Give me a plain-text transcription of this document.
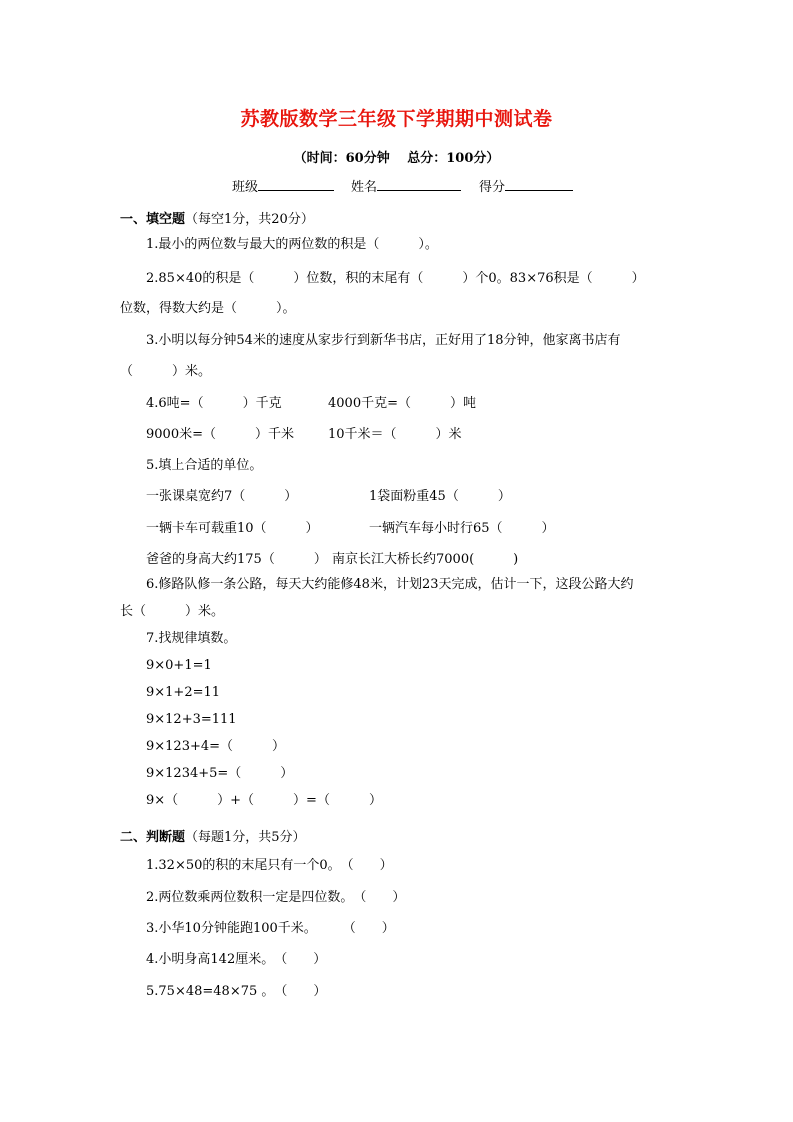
苏教版数学三年级下学期期中测试卷
（时间：60分钟　 总分：100分）
班级	姓名	得分
一、填空题（每空1分，共20分）
1.最小的两位数与最大的两位数的积是（　　　）。
2.85×40的积是（　　　）位数，积的末尾有（　　　）个0。83×76积是（　　　）
位数，得数大约是（　　　）。
3.小明以每分钟54米的速度从家步行到新华书店，正好用了18分钟，他家离书店有
（　　　）米。
4.6吨=（　　　）千克	4000千克=（　　　）吨
9000米=（　　　）千米	10千米＝（　　　）米
5.填上合适的单位。
一张课桌宽约7（　　　）	1袋面粉重45（　　　）
一辆卡车可载重10（　　　）	一辆汽车每小时行65（　　　）
爸爸的身高大约175（　　　） 南京长江大桥长约7000(　　　)
6.修路队修一条公路，每天大约能修48米，计划23天完成，估计一下，这段公路大约
长（　　　）米。
7.找规律填数。
9×0+1=1
9×1+2=11
9×12+3=111
9×123+4=（　　　）
9×1234+5=（　　　）
9×（　　　）+（　　　）=（　　　）
二、判断题（每题1分，共5分）
1.32×50的积的末尾只有一个0。　（　　）
2.两位数乘两位数积一定是四位数。　（　　）
3.小华10分钟能跑100千米。　　　（　　）
4.小明身高142厘米。　（　　）
5.75×48=48×75 。　（　　）
